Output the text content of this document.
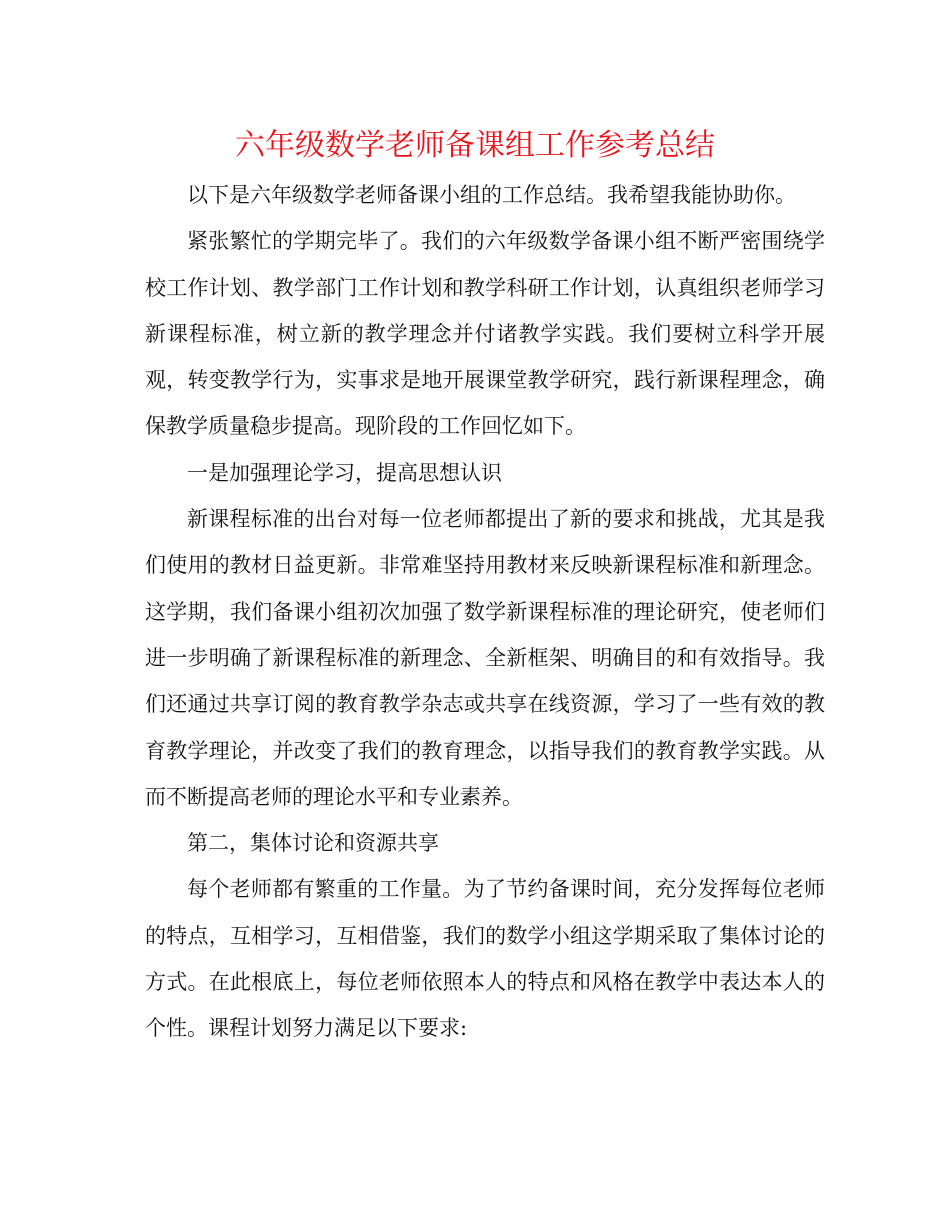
六年级数学老师备课组工作参考总结

以下是六年级数学老师备课小组的工作总结。我希望我能协助你。

紧张繁忙的学期完毕了。我们的六年级数学备课小组不断严密围绕学校工作计划、教学部门工作计划和教学科研工作计划，认真组织老师学习新课程标准，树立新的教学理念并付诸教学实践。我们要树立科学开展观，转变教学行为，实事求是地开展课堂教学研究，践行新课程理念，确保教学质量稳步提高。现阶段的工作回忆如下。

一是加强理论学习，提高思想认识

新课程标准的出台对每一位老师都提出了新的要求和挑战，尤其是我们使用的教材日益更新。非常难坚持用教材来反映新课程标准和新理念。这学期，我们备课小组初次加强了数学新课程标准的理论研究，使老师们进一步明确了新课程标准的新理念、全新框架、明确目的和有效指导。我们还通过共享订阅的教育教学杂志或共享在线资源，学习了一些有效的教育教学理论，并改变了我们的教育理念，以指导我们的教育教学实践。从而不断提高老师的理论水平和专业素养。

第二，集体讨论和资源共享

每个老师都有繁重的工作量。为了节约备课时间，充分发挥每位老师的特点，互相学习，互相借鉴，我们的数学小组这学期采取了集体讨论的方式。在此根底上，每位老师依照本人的特点和风格在教学中表达本人的个性。课程计划努力满足以下要求:
